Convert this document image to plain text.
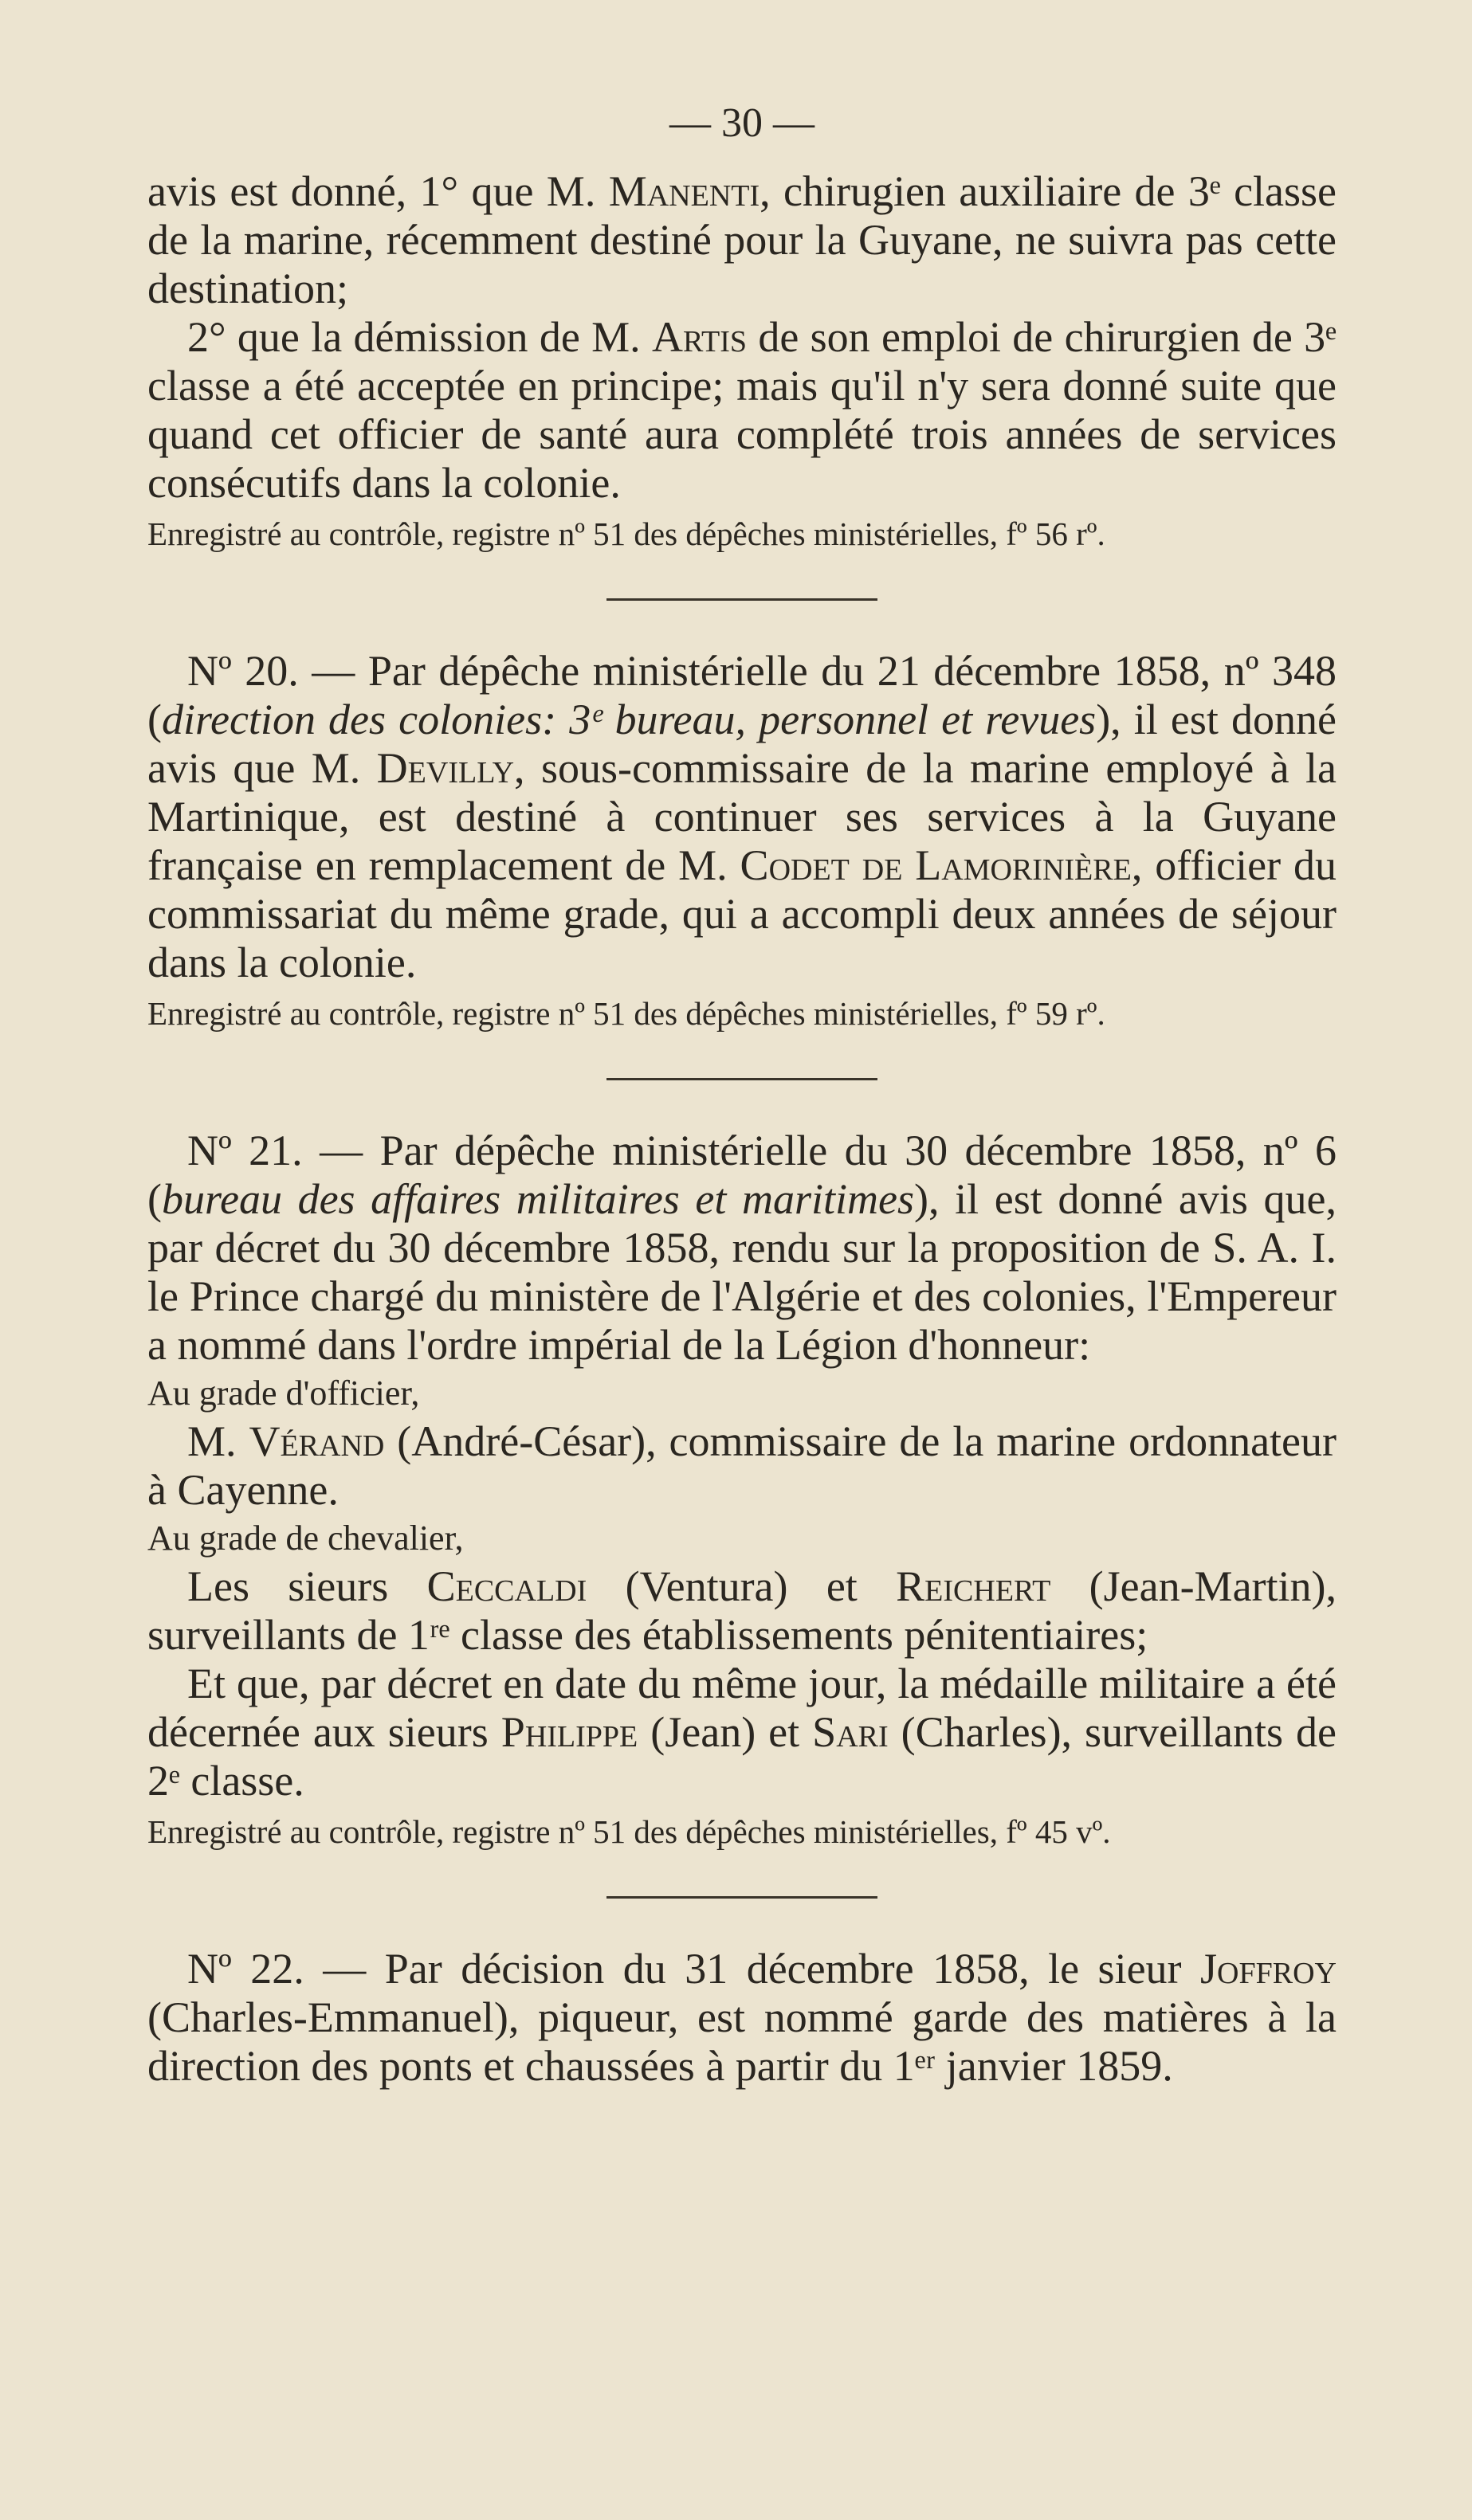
— 30 —

avis est donné, 1° que M. Manenti, chirugien auxiliaire de 3ᵉ classe de la marine, récemment destiné pour la Guyane, ne suivra pas cette destination;

2° que la démission de M. Artis de son emploi de chirurgien de 3ᵉ classe a été acceptée en principe; mais qu'il n'y sera donné suite que quand cet officier de santé aura complété trois années de services consécutifs dans la colonie.

Enregistré au contrôle, registre nº 51 des dépêches ministérielles, fº 56 rº.

Nº 20. — Par dépêche ministérielle du 21 décembre 1858, nº 348 (direction des colonies: 3ᵉ bureau, personnel et revues), il est donné avis que M. Devilly, sous-commissaire de la marine employé à la Martinique, est destiné à continuer ses services à la Guyane française en remplacement de M. Codet de Lamorinière, officier du commissariat du même grade, qui a accompli deux années de séjour dans la colonie.

Enregistré au contrôle, registre nº 51 des dépêches ministérielles, fº 59 rº.

Nº 21. — Par dépêche ministérielle du 30 décembre 1858, nº 6 (bureau des affaires militaires et maritimes), il est donné avis que, par décret du 30 décembre 1858, rendu sur la proposition de S. A. I. le Prince chargé du ministère de l'Algérie et des colonies, l'Empereur a nommé dans l'ordre impérial de la Légion d'honneur:

Au grade d'officier,

M. Vérand (André-César), commissaire de la marine ordonnateur à Cayenne.

Au grade de chevalier,

Les sieurs Ceccaldi (Ventura) et Reichert (Jean-Martin), surveillants de 1ʳᵉ classe des établissements pénitentiaires;

Et que, par décret en date du même jour, la médaille militaire a été décernée aux sieurs Philippe (Jean) et Sari (Charles), surveillants de 2ᵉ classe.

Enregistré au contrôle, registre nº 51 des dépêches ministérielles, fº 45 vº.

Nº 22. — Par décision du 31 décembre 1858, le sieur Joffroy (Charles-Emmanuel), piqueur, est nommé garde des matières à la direction des ponts et chaussées à partir du 1ᵉʳ janvier 1859.
